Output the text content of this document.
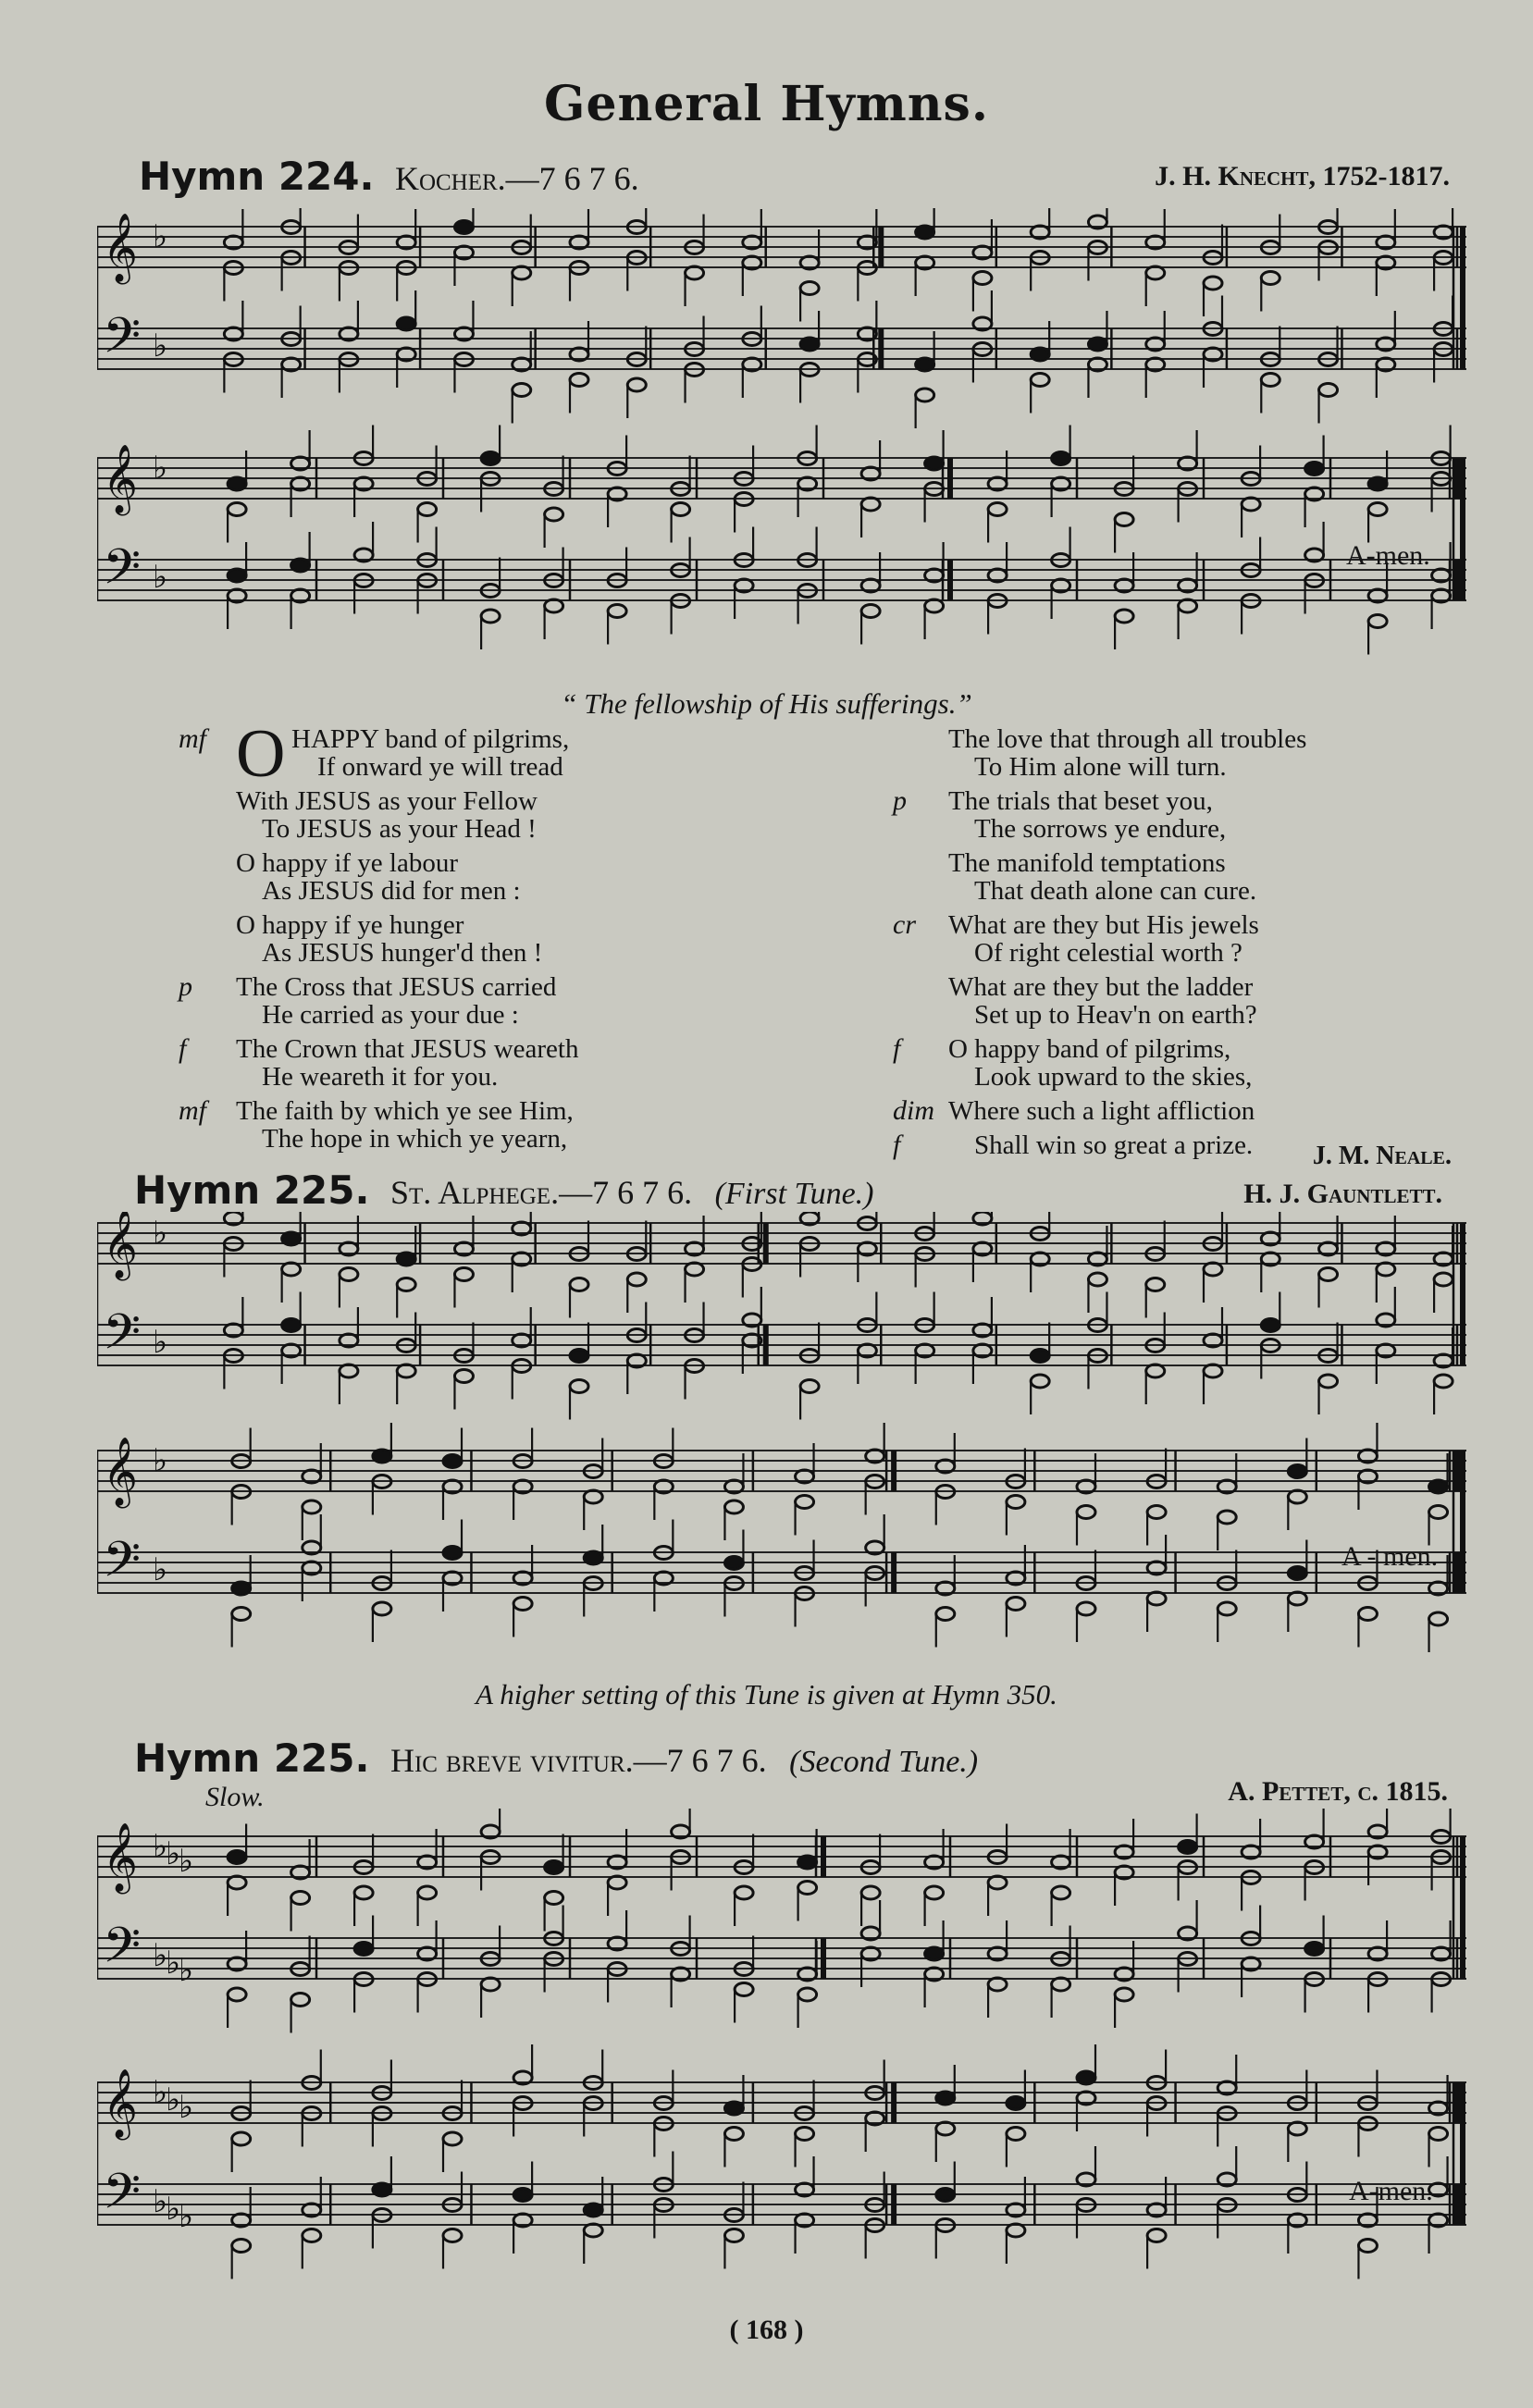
General Hymns.
Hymn 224. Kocher.—7 6 7 6.	J. H. Knecht, 1752-1817.
𝄞 ♭
𝄢 ♭
𝄞 ♭
𝄢 ♭
A-men.
“ The fellowship of His sufferings.”
O
mf	HAPPY band of pilgrims,
If onward ye will tread
With JESUS as your Fellow
To JESUS as your Head !
O happy if ye labour
As JESUS did for men :
O happy if ye hunger
As JESUS hunger'd then !
p The Cross that JESUS carried
He carried as your due :
f The Crown that JESUS weareth
He weareth it for you.
mf The faith by which ye see Him,
The hope in which ye yearn,
The love that through all troubles
To Him alone will turn.
p The trials that beset you,
The sorrows ye endure,
The manifold temptations
That death alone can cure.
cr What are they but His jewels
Of right celestial worth ?
What are they but the ladder
Set up to Heav'n on earth?
f O happy band of pilgrims,
Look upward to the skies,
dim Where such a light affliction
f	Shall win so great a prize.	J. M. Neale.
Hymn 225. St. Alphege.—7 6 7 6. (First Tune.)	H. J. Gauntlett.
𝄞 ♭
𝄢 ♭
𝄞 ♭
𝄢 ♭	A - men.
A higher setting of this Tune is given at Hymn 350.
Hymn 225. Hic breve vivitur.—7 6 7 6. (Second Tune.)
A. Pettet, c. 1815.
Slow.
𝄞 ♭
♭
♭
𝄢 ♭
♭
♭
𝄞 ♭
♭
♭
𝄢 ♭
♭
♭
A-men.
( 168 )
